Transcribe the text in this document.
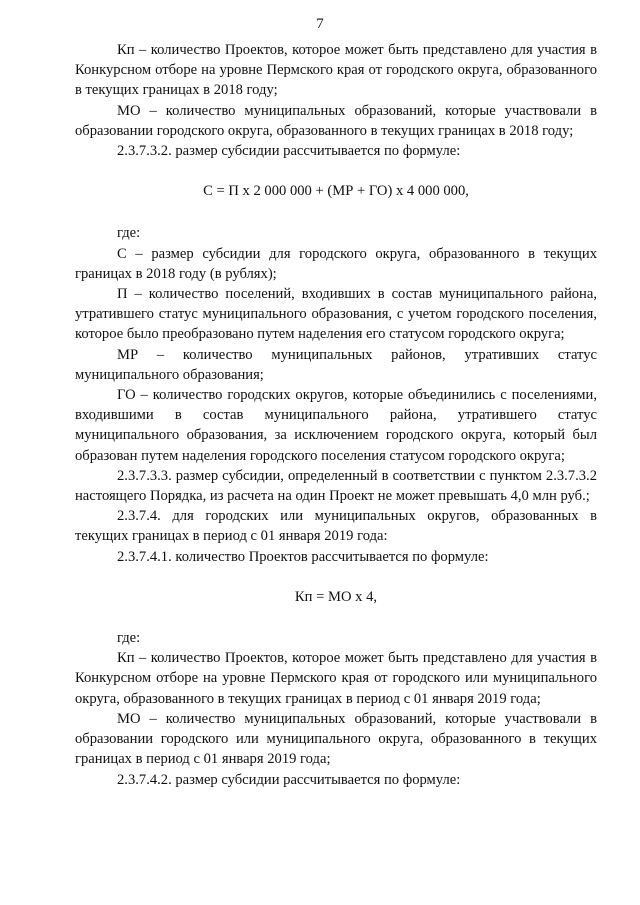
7

Кп – количество Проектов, которое может быть представлено для участия в Конкурсном отборе на уровне Пермского края от городского округа, образованного в текущих границах в 2018 году;

МО – количество муниципальных образований, которые участвовали в образовании городского округа, образованного в текущих границах в 2018 году;

2.3.7.3.2. размер субсидии рассчитывается по формуле:

С = П х 2 000 000 + (МР + ГО) х 4 000 000,

где:

С – размер субсидии для городского округа, образованного в текущих границах в 2018 году (в рублях);

П – количество поселений, входивших в состав муниципального района, утратившего статус муниципального образования, с учетом городского поселения, которое было преобразовано путем наделения его статусом городского округа;

МР – количество муниципальных районов, утративших статус муниципального образования;

ГО – количество городских округов, которые объединились с поселениями, входившими в состав муниципального района, утратившего статус муниципального образования, за исключением городского округа, который был образован путем наделения городского поселения статусом городского округа;

2.3.7.3.3. размер субсидии, определенный в соответствии с пунктом 2.3.7.3.2 настоящего Порядка, из расчета на один Проект не может превышать 4,0 млн руб.;

2.3.7.4. для городских или муниципальных округов, образованных в текущих границах в период с 01 января 2019 года:

2.3.7.4.1. количество Проектов рассчитывается по формуле:

Кп = МО х 4,

где:

Кп – количество Проектов, которое может быть представлено для участия в Конкурсном отборе на уровне Пермского края от городского или муниципального округа, образованного в текущих границах в период с 01 января 2019 года;

МО – количество муниципальных образований, которые участвовали в образовании городского или муниципального округа, образованного в текущих границах в период с 01 января 2019 года;

2.3.7.4.2. размер субсидии рассчитывается по формуле:
